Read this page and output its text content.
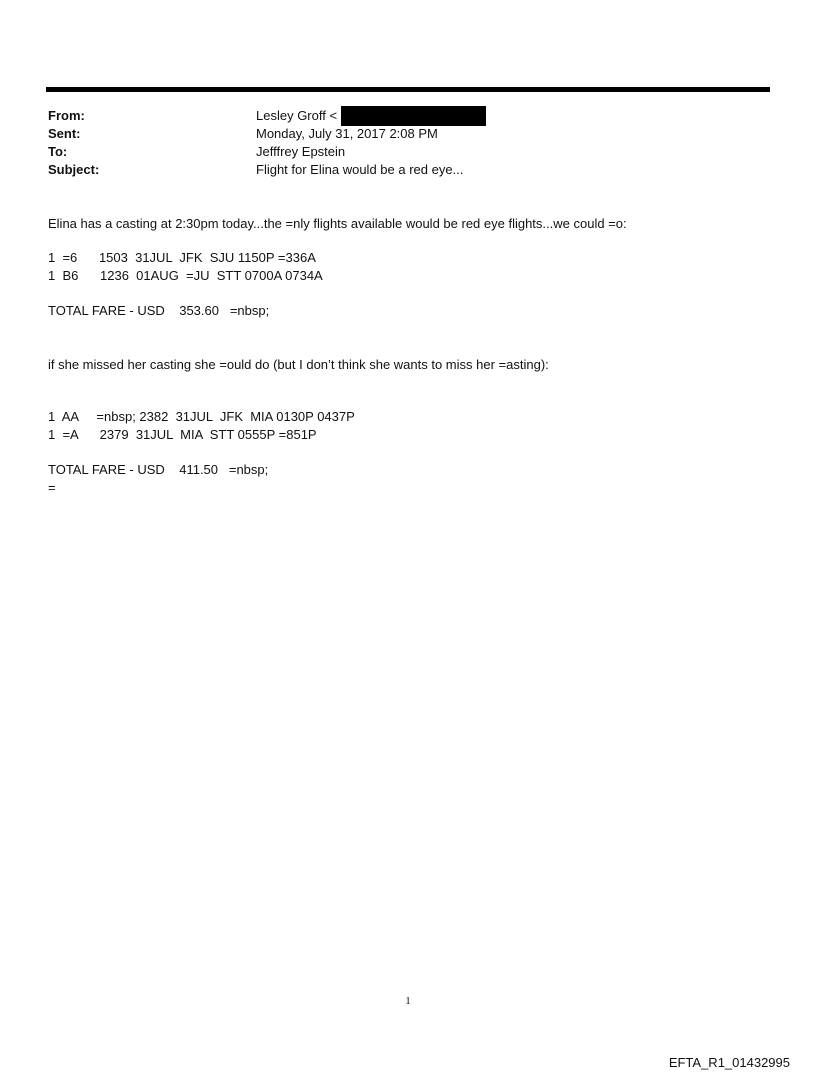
From:	Lesley Groff <
Sent:	Monday, July 31, 2017 2:08 PM
To:	Jefffrey Epstein
Subject:	Flight for Elina would be a red eye...

Elina has a casting at 2:30pm today...the =nly flights available would be red eye flights...we could =o:

1  =6      1503  31JUL  JFK  SJU 1150P =336A

1  B6      1236  01AUG  =JU  STT 0700A 0734A

TOTAL FARE - USD    353.60   =nbsp;

if she missed her casting she =ould do (but I don’t think she wants to miss her =asting):

1  AA     =nbsp; 2382  31JUL  JFK  MIA 0130P 0437P

1  =A      2379  31JUL  MIA  STT 0555P =851P

TOTAL FARE - USD    411.50   =nbsp;

=

1
EFTA_R1_01432995
